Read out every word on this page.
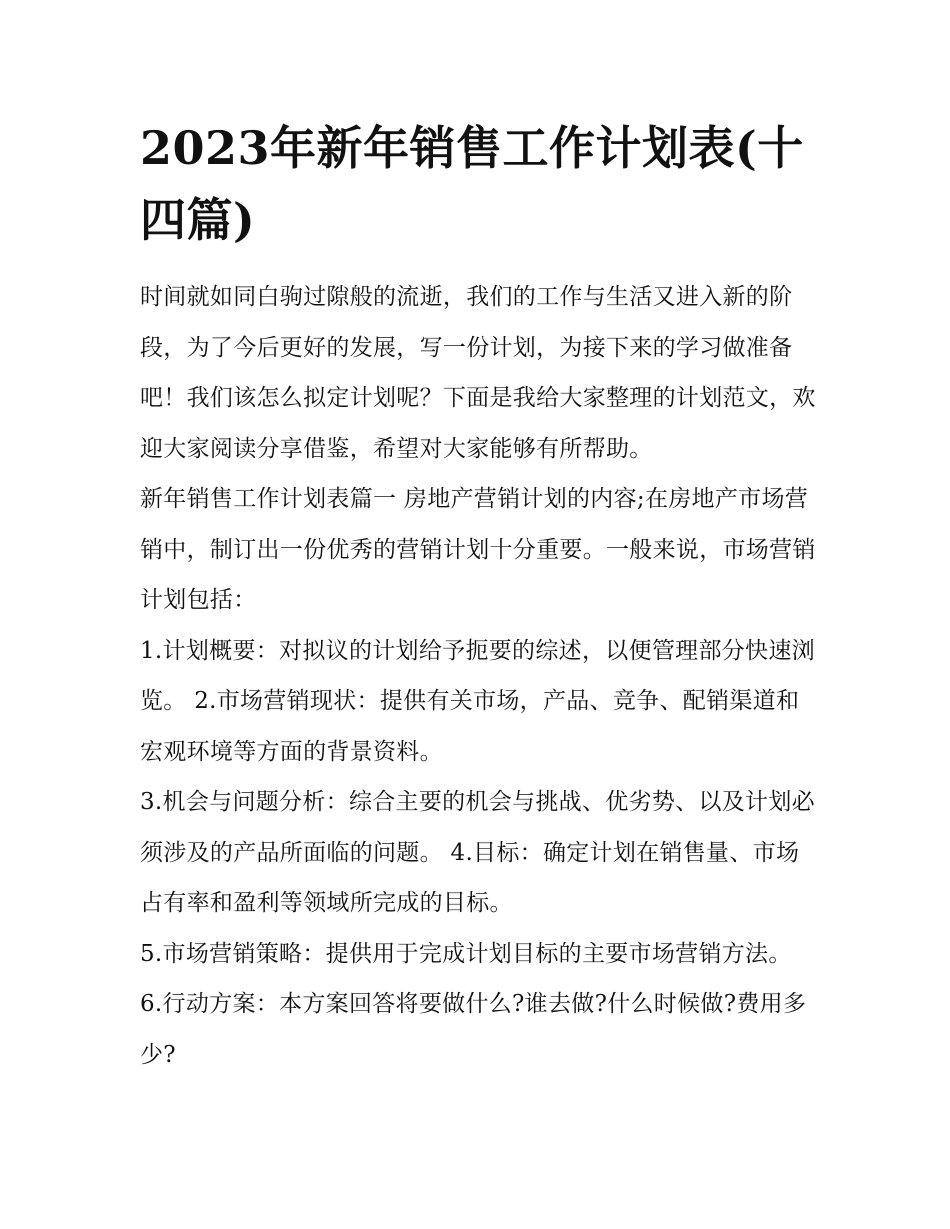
2023年新年销售工作计划表(十四篇)

时间就如同白驹过隙般的流逝，我们的工作与生活又进入新的阶段，为了今后更好的发展，写一份计划，为接下来的学习做准备吧！我们该怎么拟定计划呢？下面是我给大家整理的计划范文，欢迎大家阅读分享借鉴，希望对大家能够有所帮助。

新年销售工作计划表篇一 房地产营销计划的内容;在房地产市场营销中，制订出一份优秀的营销计划十分重要。一般来说，市场营销计划包括：

1.计划概要：对拟议的计划给予扼要的综述，以便管理部分快速浏览。 2.市场营销现状：提供有关市场，产品、竞争、配销渠道和宏观环境等方面的背景资料。

3.机会与问题分析：综合主要的机会与挑战、优劣势、以及计划必须涉及的产品所面临的问题。 4.目标：确定计划在销售量、市场占有率和盈利等领域所完成的目标。

5.市场营销策略：提供用于完成计划目标的主要市场营销方法。 6.行动方案：本方案回答将要做什么?谁去做?什么时候做?费用多少?
